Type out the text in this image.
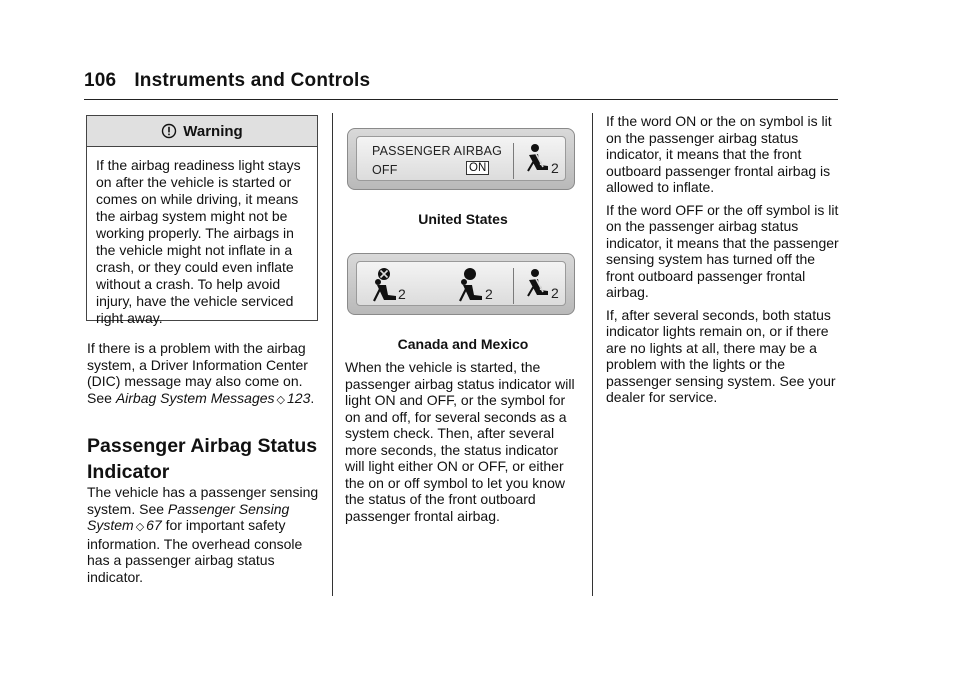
106 Instruments and Controls
Warning
If the airbag readiness light stays on after the vehicle is started or comes on while driving, it means the airbag system might not be working properly. The airbags in the vehicle might not inflate in a crash, or they could even inflate without a crash. To help avoid injury, have the vehicle serviced right away.
If there is a problem with the airbag system, a Driver Information Center (DIC) message may also come on. See Airbag System Messages ◇ 123.
Passenger Airbag Status Indicator
The vehicle has a passenger sensing system. See Passenger Sensing System ◇ 67 for important safety information. The overhead console has a passenger airbag status indicator.
PASSENGER AIRBAG
OFF	ON	2
United States
2	2	2
Canada and Mexico
When the vehicle is started, the passenger airbag status indicator will light ON and OFF, or the symbol for on and off, for several seconds as a system check. Then, after several more seconds, the status indicator will light either ON or OFF, or either the on or off symbol to let you know the status of the front outboard passenger frontal airbag.

If the word ON or the on symbol is lit on the passenger airbag status indicator, it means that the front outboard passenger frontal airbag is allowed to inflate.

If the word OFF or the off symbol is lit on the passenger airbag status indicator, it means that the passenger sensing system has turned off the front outboard passenger frontal airbag.

If, after several seconds, both status indicator lights remain on, or if there are no lights at all, there may be a problem with the lights or the passenger sensing system. See your dealer for service.
